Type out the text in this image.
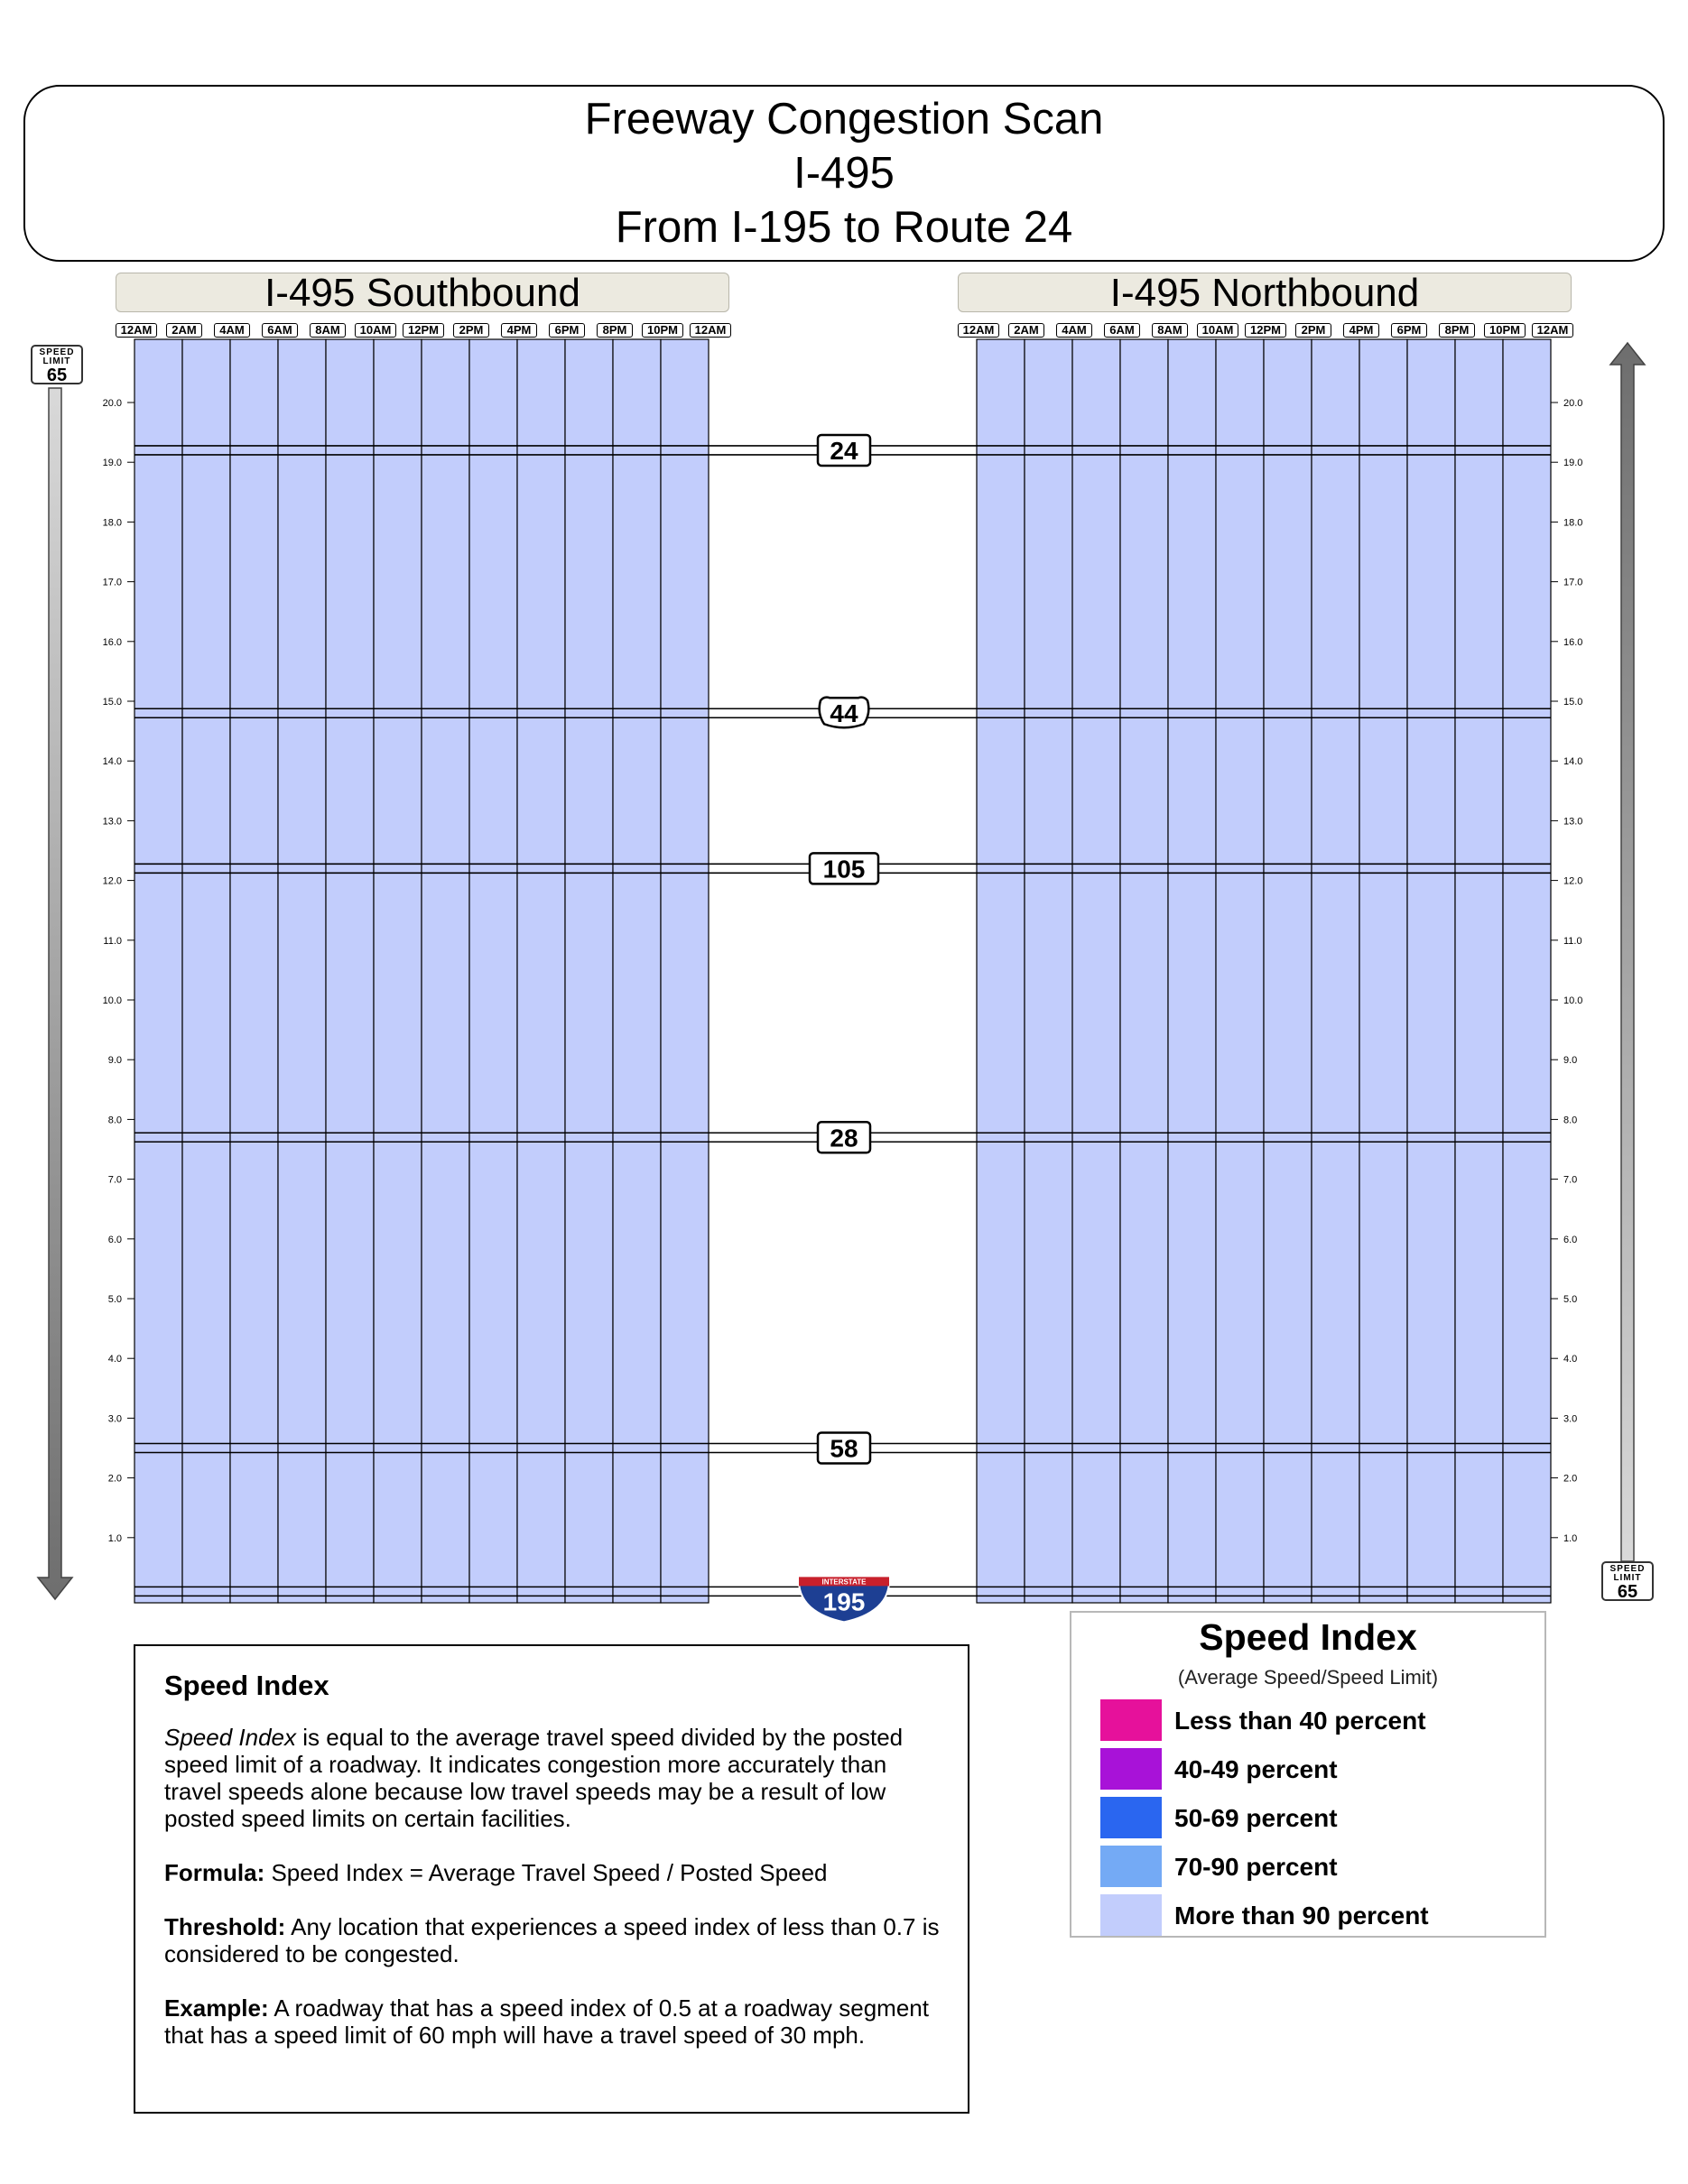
Freeway Congestion Scan
I-495
From I-195 to Route 24
I-495 Southbound	I-495 Northbound
12AM	2AM	4AM	6AM	8AM	10AM	12PM	2PM	4PM	6PM	8PM	10PM	12AM	12AM	2AM	4AM	6AM	8AM	10AM	12PM	2PM	4PM	6PM	8PM	10PM	12AM
20.0	20.0
19.0	19.0
18.0	18.0
17.0	17.0
16.0	16.0
15.0	15.0
14.0	14.0
13.0	13.0
12.0	12.0
11.0	11.0
10.0	10.0
9.0	9.0
8.0	8.0
7.0	7.0
6.0	6.0
5.0	5.0
4.0	4.0
3.0	3.0
2.0	2.0
1.0	1.0
24
44
105
28
58
INTERSTATE
195
SPEED
LIMIT
65
SPEED
LIMIT
65
Speed Index

Speed Index is equal to the average travel speed divided by the posted speed limit of a roadway. It indicates congestion more accurately than travel speeds alone because low travel speeds may be a result of low posted speed limits on certain facilities.

Formula: Speed Index = Average Travel Speed / Posted Speed

Threshold: Any location that experiences a speed index of less than 0.7 is considered to be congested.

Example: A roadway that has a speed index of 0.5 at a roadway segment that has a speed limit of 60 mph will have a travel speed of 30 mph.

Speed Index
(Average Speed/Speed Limit)
Less than 40 percent
40-49 percent
50-69 percent
70-90 percent
More than 90 percent
